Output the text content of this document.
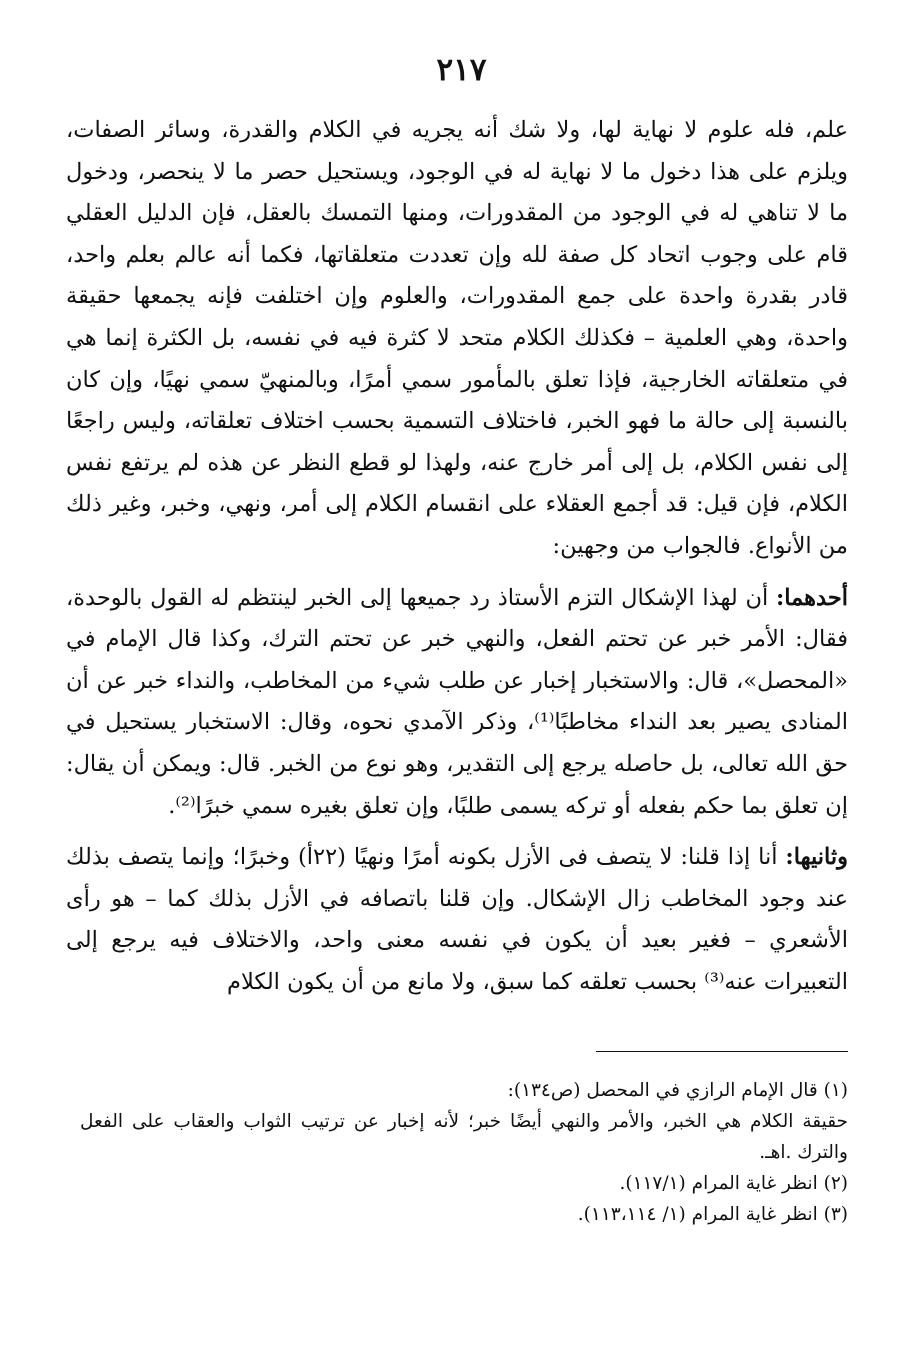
٢١٧

علم، فله علوم لا نهاية لها، ولا شك أنه يجريه في الكلام والقدرة، وسائر الصفات، ويلزم على هذا دخول ما لا نهاية له في الوجود، ويستحيل حصر ما لا ينحصر، ودخول ما لا تناهي له في الوجود من المقدورات، ومنها التمسك بالعقل، فإن الدليل العقلي قام على وجوب اتحاد كل صفة لله وإن تعددت متعلقاتها، فكما أنه عالم بعلم واحد، قادر بقدرة واحدة على جمع المقدورات، والعلوم وإن اختلفت فإنه يجمعها حقيقة واحدة، وهي العلمية – فكذلك الكلام متحد لا كثرة فيه في نفسه، بل الكثرة إنما هي في متعلقاته الخارجية، فإذا تعلق بالمأمور سمي أمرًا، وبالمنهيّ سمي نهيًا، وإن كان بالنسبة إلى حالة ما فهو الخبر، فاختلاف التسمية بحسب اختلاف تعلقاته، وليس راجعًا إلى نفس الكلام، بل إلى أمر خارج عنه، ولهذا لو قطع النظر عن هذه لم يرتفع نفس الكلام، فإن قيل: قد أجمع العقلاء على انقسام الكلام إلى أمر، ونهي، وخبر، وغير ذلك من الأنواع. فالجواب من وجهين:

أحدهما: أن لهذا الإشكال التزم الأستاذ رد جميعها إلى الخبر لينتظم له القول بالوحدة، فقال: الأمر خبر عن تحتم الفعل، والنهي خبر عن تحتم الترك، وكذا قال الإمام في «المحصل»، قال: والاستخبار إخبار عن طلب شيء من المخاطب، والنداء خبر عن أن المنادى يصير بعد النداء مخاطبًا⁽¹⁾، وذكر الآمدي نحوه، وقال: الاستخبار يستحيل في حق الله تعالى، بل حاصله يرجع إلى التقدير، وهو نوع من الخبر. قال: ويمكن أن يقال: إن تعلق بما حكم بفعله أو تركه يسمى طلبًا، وإن تعلق بغيره سمي خبرًا⁽²⁾.

وثانيها: أنا إذا قلنا: لا يتصف فى الأزل بكونه أمرًا ونهيًا (٢٢أ) وخبرًا؛ وإنما يتصف بذلك عند وجود المخاطب زال الإشكال. وإن قلنا باتصافه في الأزل بذلك كما – هو رأى الأشعري – فغير بعيد أن يكون في نفسه معنى واحد، والاختلاف فيه يرجع إلى التعبيرات عنه⁽³⁾ بحسب تعلقه كما سبق، ولا مانع من أن يكون الكلام

(١) قال الإمام الرازي في المحصل (ص١٣٤):

حقيقة الكلام هي الخبر، والأمر والنهي أيضًا خبر؛ لأنه إخبار عن ترتيب الثواب والعقاب على الفعل والترك .اهـ.

(٢) انظر غاية المرام (١١٧/١).

(٣) انظر غاية المرام (١/ ١١٣،١١٤).
